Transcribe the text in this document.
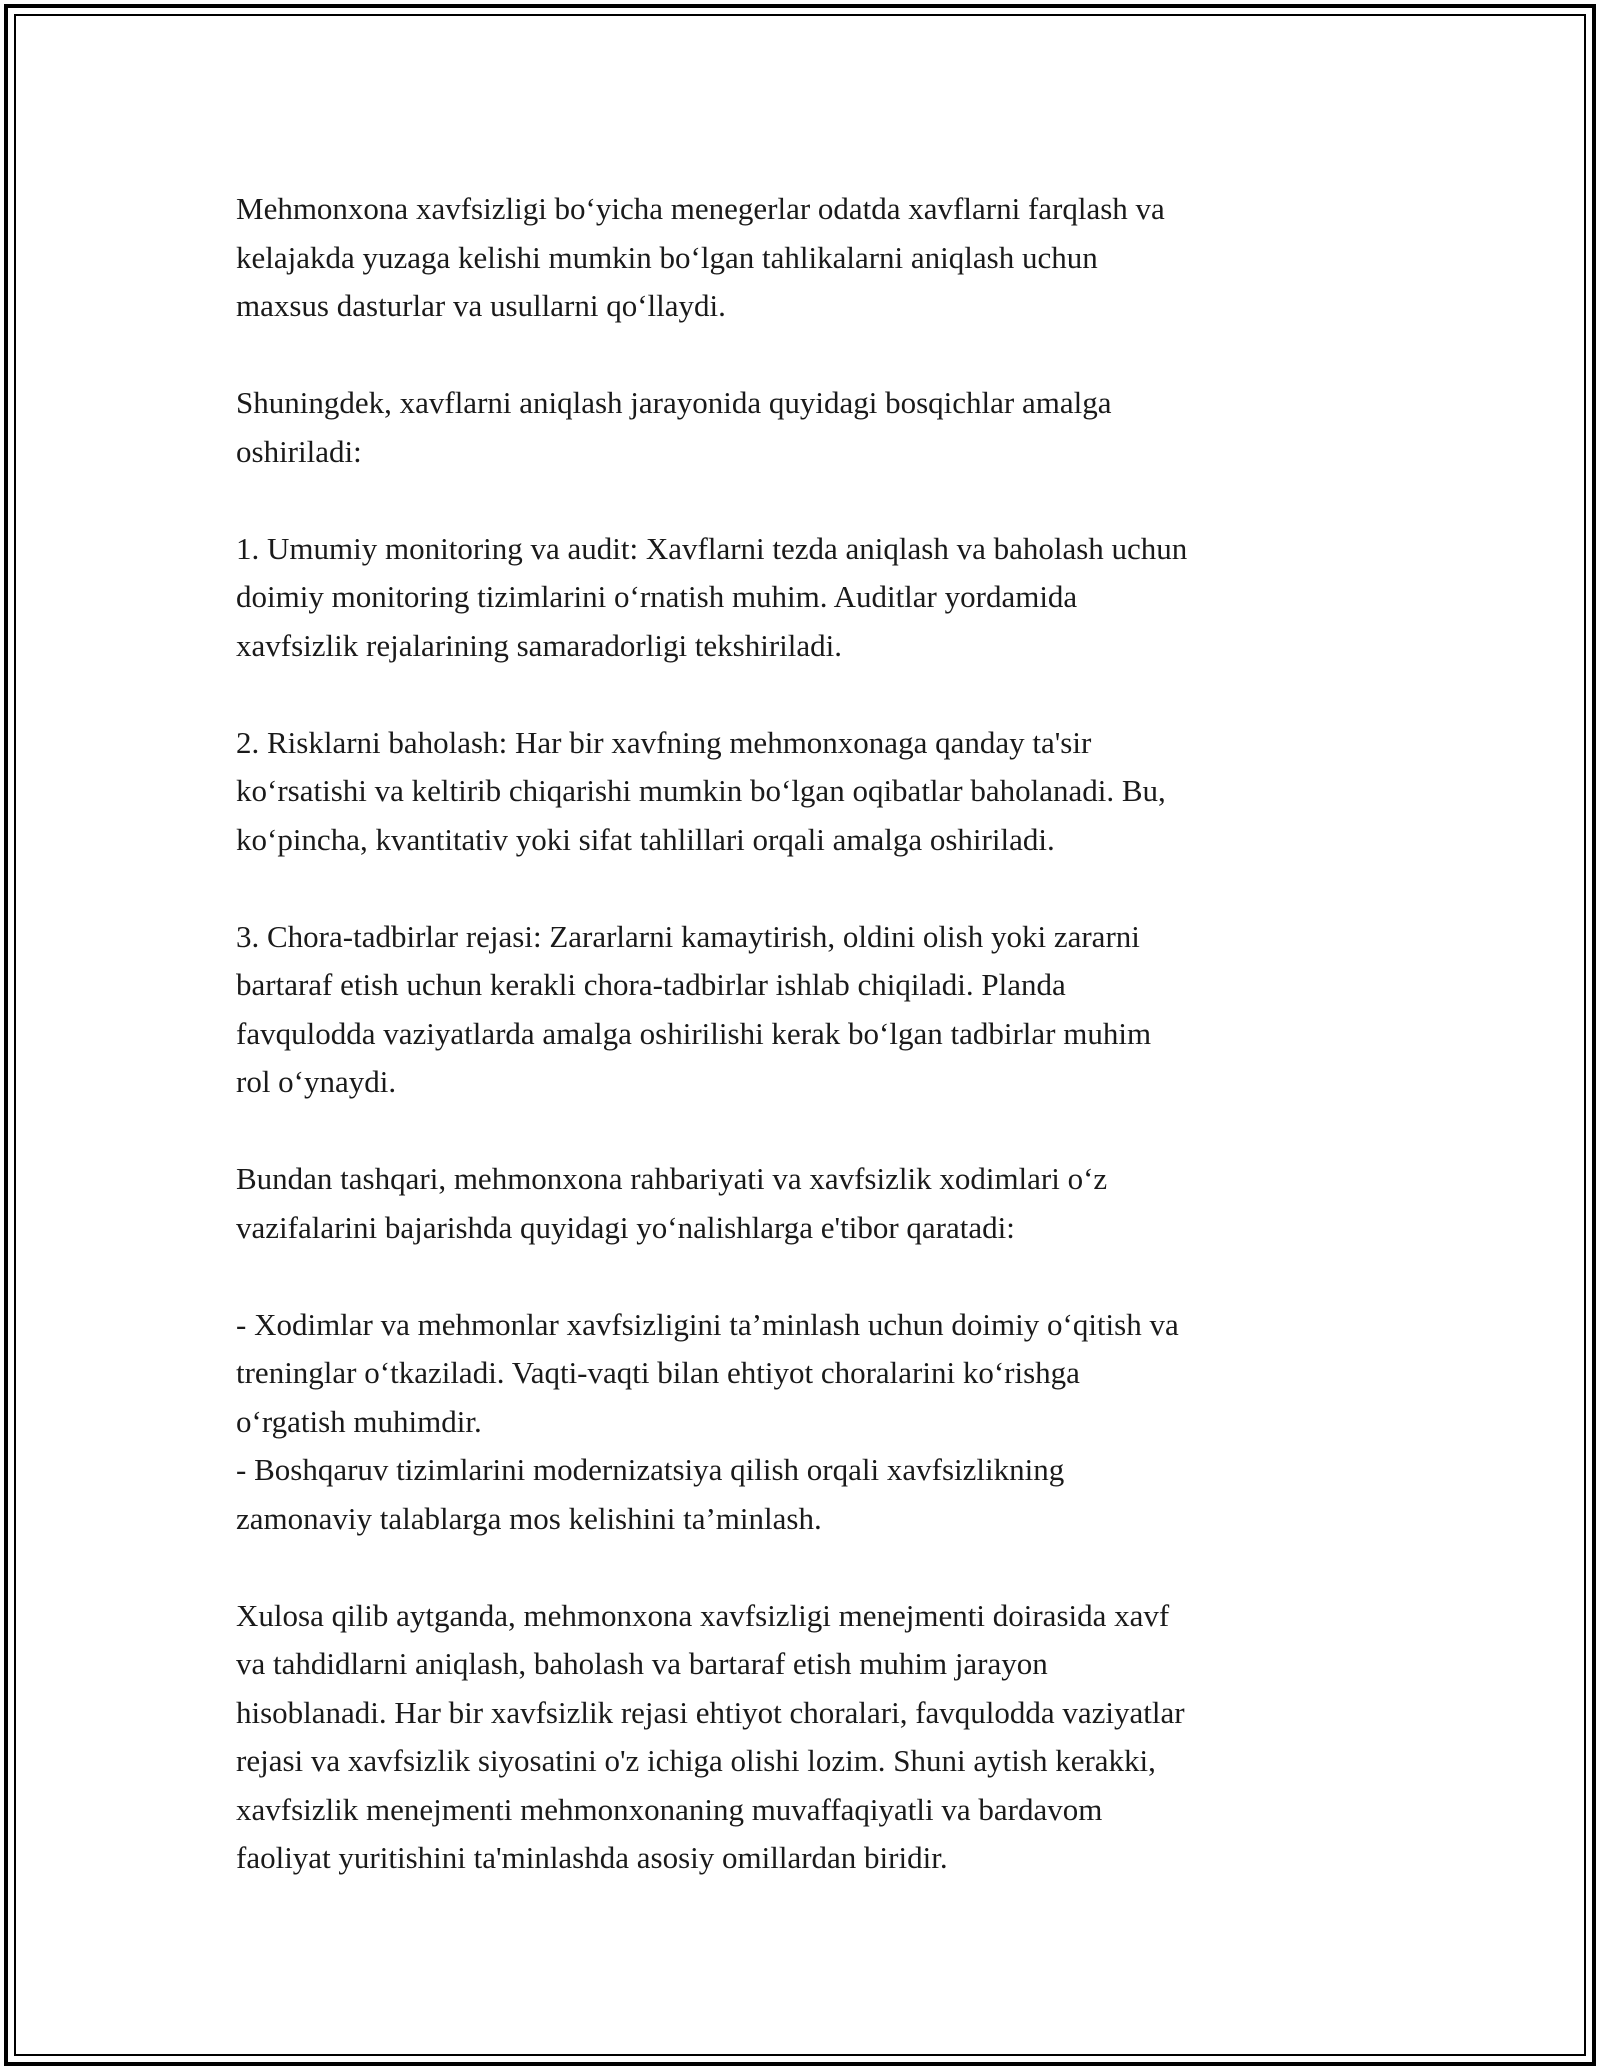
Mehmonxona xavfsizligi bo‘yicha menegerlar odatda xavflarni farqlash va
kelajakda yuzaga kelishi mumkin bo‘lgan tahlikalarni aniqlash uchun
maxsus dasturlar va usullarni qo‘llaydi.

Shuningdek, xavflarni aniqlash jarayonida quyidagi bosqichlar amalga
oshiriladi:

1. Umumiy monitoring va audit: Xavflarni tezda aniqlash va baholash uchun
doimiy monitoring tizimlarini o‘rnatish muhim. Auditlar yordamida
xavfsizlik rejalarining samaradorligi tekshiriladi.

2. Risklarni baholash: Har bir xavfning mehmonxonaga qanday ta'sir
ko‘rsatishi va keltirib chiqarishi mumkin bo‘lgan oqibatlar baholanadi. Bu,
ko‘pincha, kvantitativ yoki sifat tahlillari orqali amalga oshiriladi.

3. Chora-tadbirlar rejasi: Zararlarni kamaytirish, oldini olish yoki zararni
bartaraf etish uchun kerakli chora-tadbirlar ishlab chiqiladi. Planda
favqulodda vaziyatlarda amalga oshirilishi kerak bo‘lgan tadbirlar muhim
rol o‘ynaydi.

Bundan tashqari, mehmonxona rahbariyati va xavfsizlik xodimlari o‘z
vazifalarini bajarishda quyidagi yo‘nalishlarga e'tibor qaratadi:

- Xodimlar va mehmonlar xavfsizligini ta’minlash uchun doimiy o‘qitish va
treninglar o‘tkaziladi. Vaqti-vaqti bilan ehtiyot choralarini ko‘rishga
o‘rgatish muhimdir.
- Boshqaruv tizimlarini modernizatsiya qilish orqali xavfsizlikning
zamonaviy talablarga mos kelishini ta’minlash.

Xulosa qilib aytganda, mehmonxona xavfsizligi menejmenti doirasida xavf
va tahdidlarni aniqlash, baholash va bartaraf etish muhim jarayon
hisoblanadi. Har bir xavfsizlik rejasi ehtiyot choralari, favqulodda vaziyatlar
rejasi va xavfsizlik siyosatini o'z ichiga olishi lozim. Shuni aytish kerakki,
xavfsizlik menejmenti mehmonxonaning muvaffaqiyatli va bardavom
faoliyat yuritishini ta'minlashda asosiy omillardan biridir.
